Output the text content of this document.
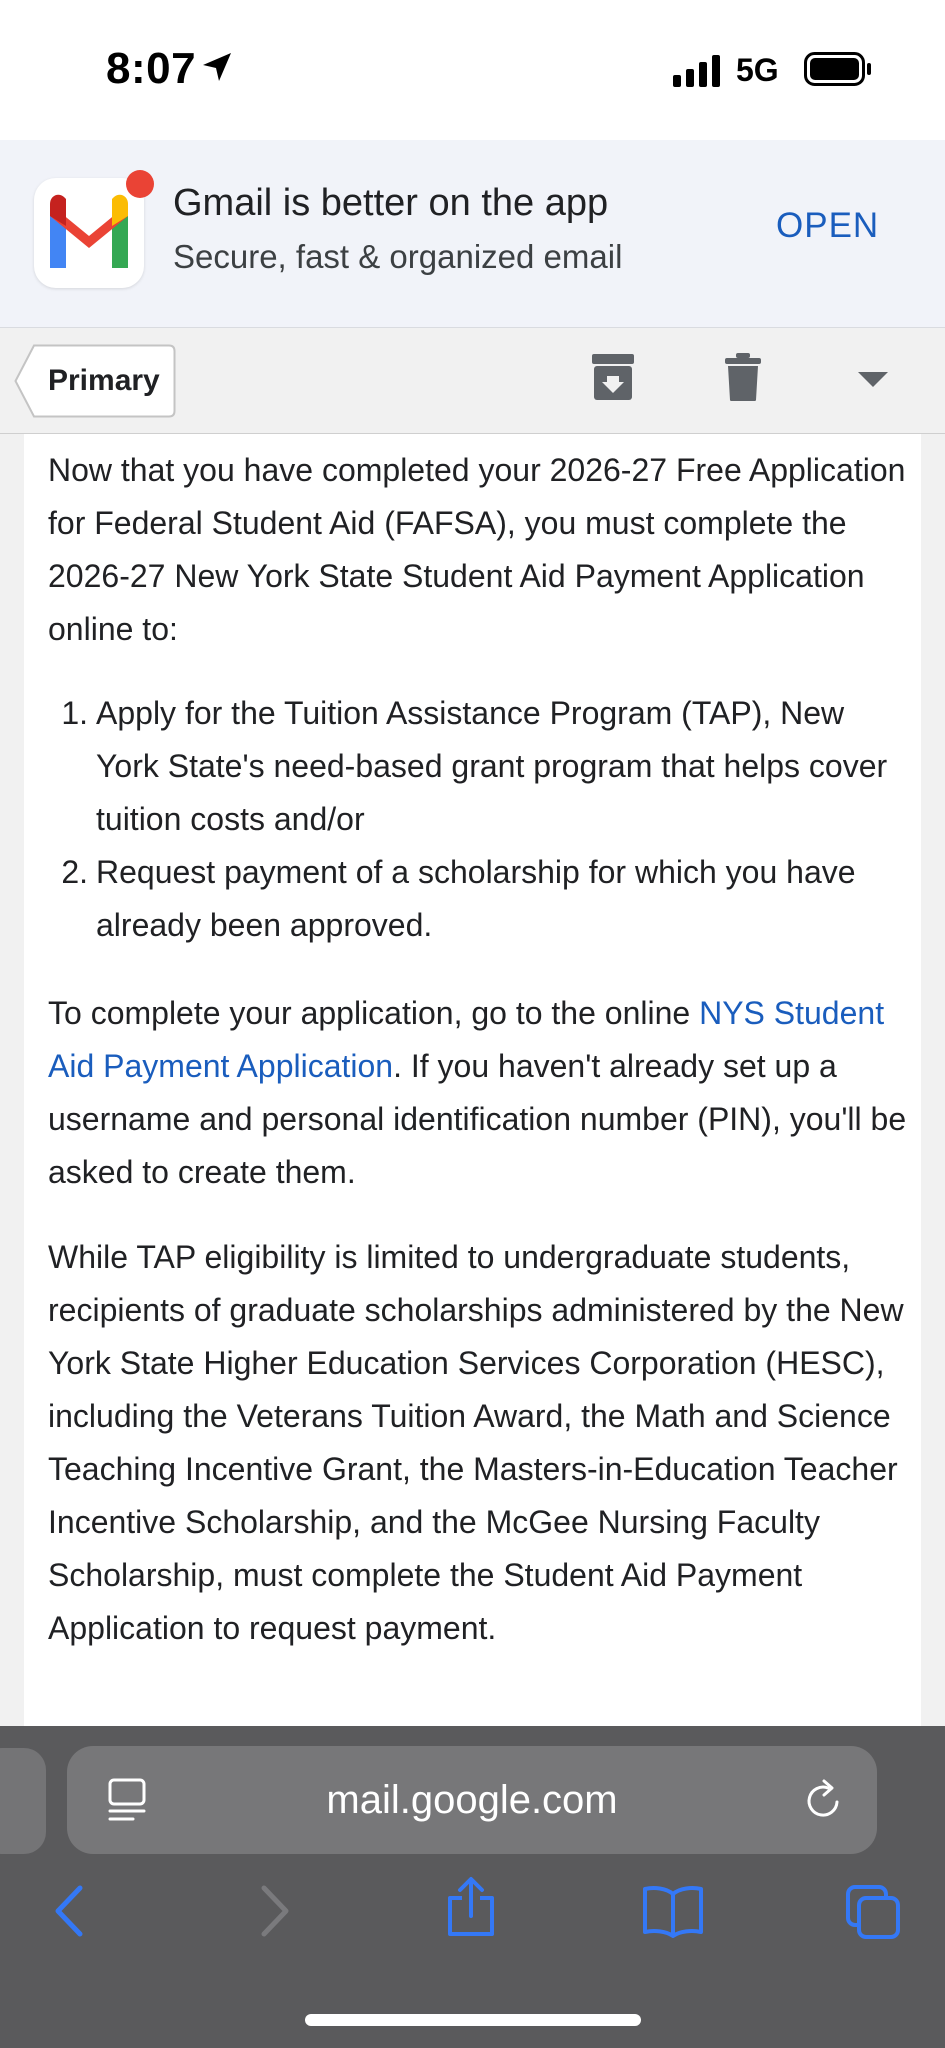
8:07	5G
Gmail is better on the app
Secure, fast & organized email
OPEN
Primary

Now that you have completed your 2026-27 Free Application for Federal Student Aid (FAFSA), you must complete the 2026-27 New York State Student Aid Payment Application online to:

1. Apply for the Tuition Assistance Program (TAP), New York State's need-based grant program that helps cover tuition costs and/or
2. Request payment of a scholarship for which you have already been approved.

To complete your application, go to the online NYS Student Aid Payment Application. If you haven't already set up a username and personal identification number (PIN), you'll be asked to create them.

While TAP eligibility is limited to undergraduate students, recipients of graduate scholarships administered by the New York State Higher Education Services Corporation (HESC), including the Veterans Tuition Award, the Math and Science Teaching Incentive Grant, the Masters-in-Education Teacher Incentive Scholarship, and the McGee Nursing Faculty Scholarship, must complete the Student Aid Payment Application to request payment.

mail.google.com
